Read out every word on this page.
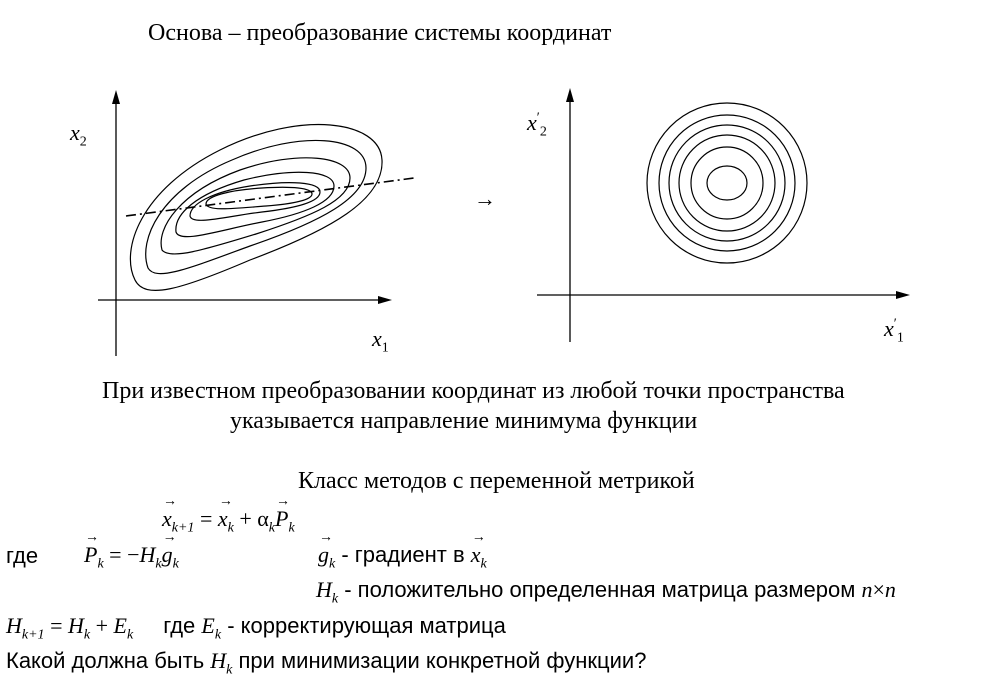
Основа – преобразование системы координат
$x_2$
$x_1$
$x'_2$
$x'_1$
→
При известном преобразовании координат из любой точки пространства
указывается направление минимума функции
Класс методов с переменной метрикой
→ $x_{k+1}$ = → $x_k + \alpha_k\to P_k$
где → $P_k = -H_k\to g_k$	→ $g_k$ - градиент $в \to x_k$
$H_k$ - положительно определенная матрица размером n×n
$H_{k+1} = H_k + E_k$ где $E_k$ - корректирующая матрица
Какой должна быть $H_k$ при минимизации конкретной функции?
